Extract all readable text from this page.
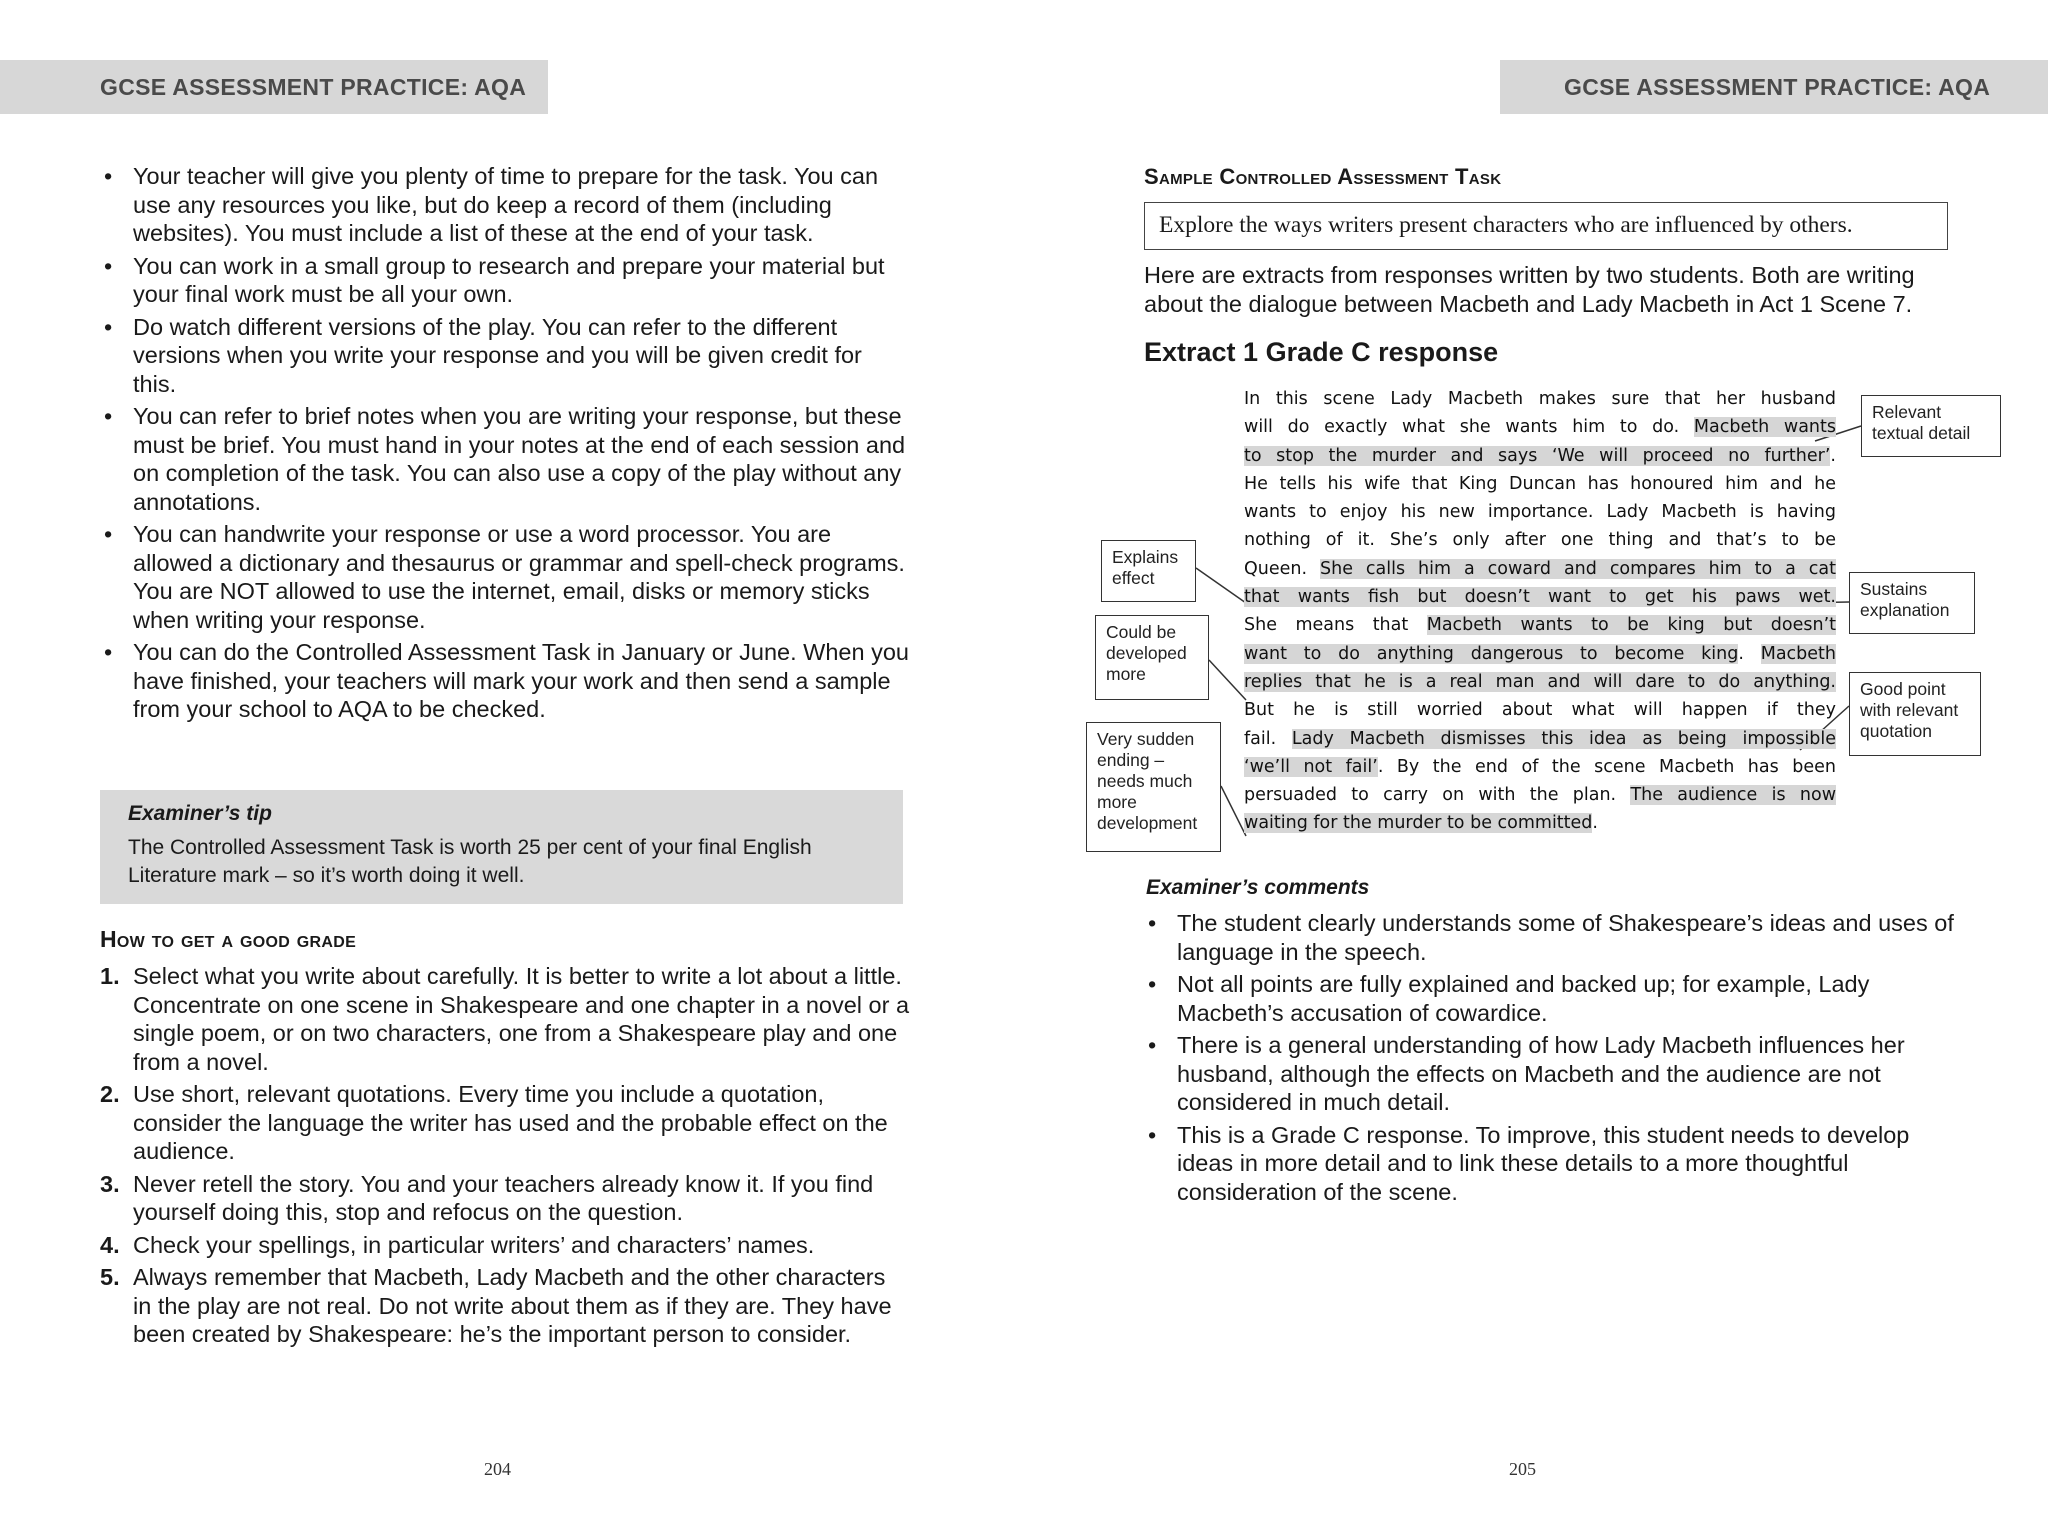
GCSE ASSESSMENT PRACTICE: AQA	GCSE ASSESSMENT PRACTICE: AQA
• Your teacher will give you plenty of time to prepare for the task. You can use any resources you like, but do keep a record of them (including websites). You must include a list of these at the end of your task.
• You can work in a small group to research and prepare your material but your final work must be all your own.
• Do watch different versions of the play. You can refer to the different versions when you write your response and you will be given credit for this.
• You can refer to brief notes when you are writing your response, but these must be brief. You must hand in your notes at the end of each session and on completion of the task. You can also use a copy of the play without any annotations.
• You can handwrite your response or use a word processor. You are allowed a dictionary and thesaurus or grammar and spell-check programs. You are NOT allowed to use the internet, email, disks or memory sticks when writing your response.
• You can do the Controlled Assessment Task in January or June. When you have finished, your teachers will mark your work and then send a sample from your school to AQA to be checked.
Examiner’s tip
The Controlled Assessment Task is worth 25 per cent of your final English Literature mark – so it’s worth doing it well.
How to get a good grade
1. Select what you write about carefully. It is better to write a lot about a little. Concentrate on one scene in Shakespeare and one chapter in a novel or a single poem, or on two characters, one from a Shakespeare play and one from a novel.
2. Use short, relevant quotations. Every time you include a quotation, consider the language the writer has used and the probable effect on the audience.
3. Never retell the story. You and your teachers already know it. If you find yourself doing this, stop and refocus on the question.
4. Check your spellings, in particular writers’ and characters’ names.
5. Always remember that Macbeth, Lady Macbeth and the other characters in the play are not real. Do not write about them as if they are. They have been created by Shakespeare: he’s the important person to consider.
204
Sample Controlled Assessment Task
Explore the ways writers present characters who are influenced by others.
Here are extracts from responses written by two students. Both are writing about the dialogue between Macbeth and Lady Macbeth in Act 1 Scene 7.
Extract 1 Grade C response
In this scene Lady Macbeth makes sure that her husband
will do exactly what she wants him to do. Macbeth wants
to stop the murder and says ‘We will proceed no further’.
He tells his wife that King Duncan has honoured him and he
wants to enjoy his new importance. Lady Macbeth is having
nothing of it. She’s only after one thing and that’s to be
Queen. She calls him a coward and compares him to a cat
that wants fish but doesn’t want to get his paws wet.
She means that Macbeth wants to be king but doesn’t
want to do anything dangerous to become king. Macbeth
replies that he is a real man and will dare to do anything.
But he is still worried about what will happen if they
fail. Lady Macbeth dismisses this idea as being impossible
‘we’ll not fail’. By the end of the scene Macbeth has been
persuaded to carry on with the plan. The audience is now
waiting for the murder to be committed.
Relevant textual detail
Explains effect
Could be developed more
Very sudden ending – needs much more development
Sustains explanation
Good point with relevant quotation
Examiner’s comments
• The student clearly understands some of Shakespeare’s ideas and uses of language in the speech.
• Not all points are fully explained and backed up; for example, Lady Macbeth’s accusation of cowardice.
• There is a general understanding of how Lady Macbeth influences her husband, although the effects on Macbeth and the audience are not considered in much detail.
• This is a Grade C response. To improve, this student needs to develop ideas in more detail and to link these details to a more thoughtful consideration of the scene.
205
